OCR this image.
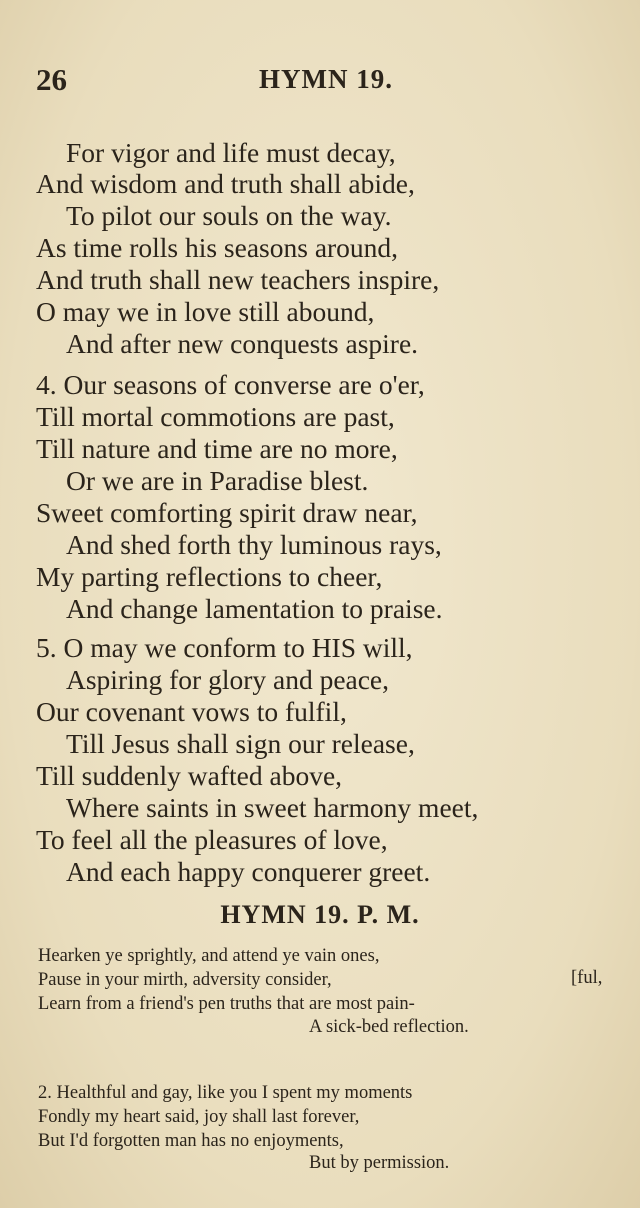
26	HYMN 19.
For vigor and life must decay,
And wisdom and truth shall abide,
To pilot our souls on the way.
As time rolls his seasons around,
And truth shall new teachers inspire,
O may we in love still abound,
And after new conquests aspire.
4. Our seasons of converse are o'er,
Till mortal commotions are past,
Till nature and time are no more,
Or we are in Paradise blest.
Sweet comforting spirit draw near,
And shed forth thy luminous rays,
My parting reflections to cheer,
And change lamentation to praise.
5. O may we conform to HIS will,
Aspiring for glory and peace,
Our covenant vows to fulfil,
Till Jesus shall sign our release,
Till suddenly wafted above,
Where saints in sweet harmony meet,
To feel all the pleasures of love,
And each happy conquerer greet.
HYMN 19. P. M.
Hearken ye sprightly, and attend ye vain ones,
Pause in your mirth, adversity consider,	[ful,
Learn from a friend's pen truths that are most pain-
A sick-bed reflection.
2. Healthful and gay, like you I spent my moments
Fondly my heart said, joy shall last forever,
But I'd forgotten man has no enjoyments,
But by permission.
